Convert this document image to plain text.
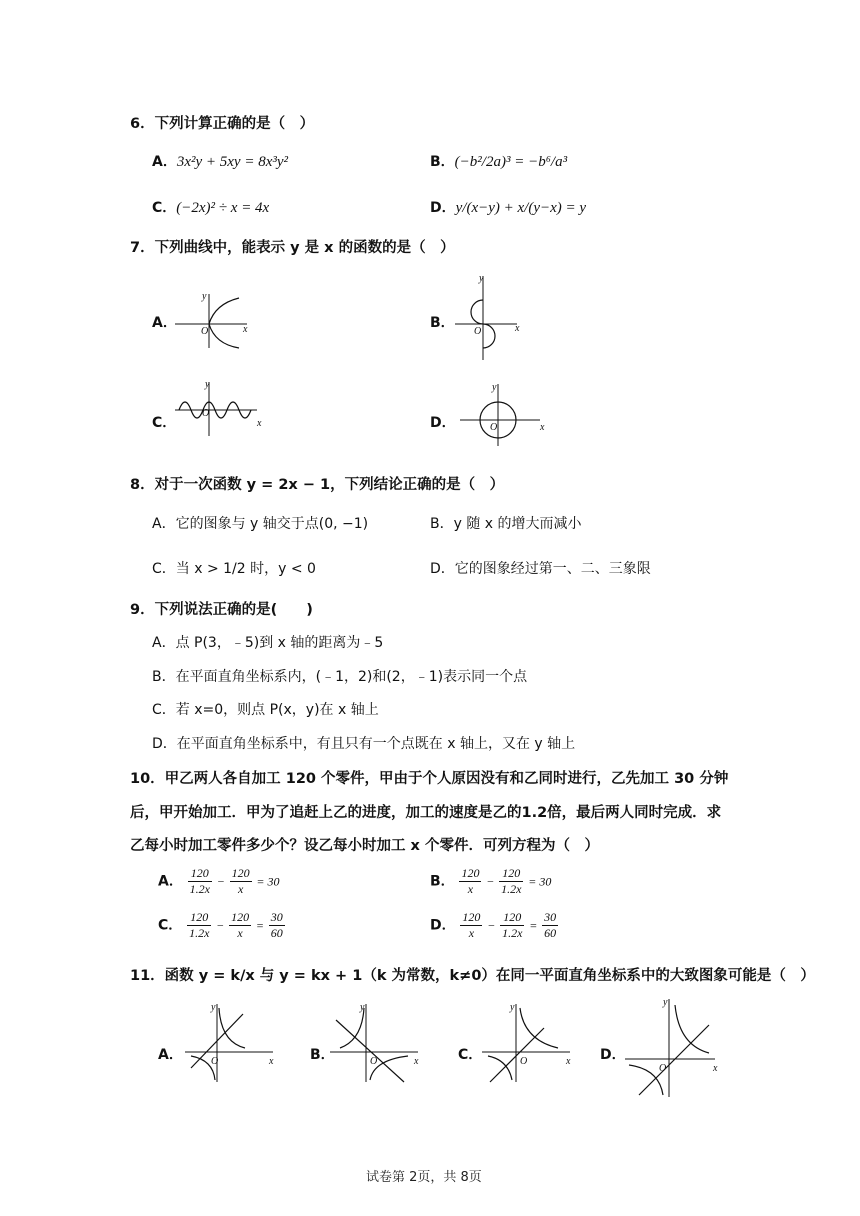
6．下列计算正确的是（　）
A．3x²y + 5xy = 8x³y²	B．(−b²/2a)³ = −b⁶/a³
C．(−2x)² ÷ x = 4x	D．y/(x−y) + x/(y−x) = y
7．下列曲线中，能表示 y 是 x 的函数的是（　）
A．	B．
C．	D．
y
x
O
y
x
O
y
x
O
y
x
O
8．对于一次函数 y = 2x − 1，下列结论正确的是（　）
A．它的图象与 y 轴交于点(0, −1)	B．y 随 x 的增大而减小
C．当 x > 1/2 时，y < 0	D．它的图象经过第一、二、三象限
9．下列说法正确的是(　　)
A．点 P(3，﹣5)到 x 轴的距离为﹣5
B．在平面直角坐标系内，(﹣1，2)和(2，﹣1)表示同一个点
C．若 x=0，则点 P(x，y)在 x 轴上
D．在平面直角坐标系中，有且只有一个点既在 x 轴上，又在 y 轴上
10．甲乙两人各自加工 120 个零件，甲由于个人原因没有和乙同时进行，乙先加工 30 分钟
后，甲开始加工．甲为了追赶上乙的进度，加工的速度是乙的1.2倍，最后两人同时完成．求
乙每小时加工零件多少个？设乙每小时加工 x 个零件．可列方程为（　）
A． $\frac{120}{1.2x} - \frac{120}{x} = 30$	B． $\frac{120}{x} - \frac{120}{1.2x} = 30$
C． $\frac{120}{1.2x} - \frac{120}{x} = \frac{30}{60}$	D． $\frac{120}{x} - \frac{120}{1.2x} = \frac{30}{60}$
11．函数 y = k/x 与 y = kx + 1（k 为常数，k≠0）在同一平面直角坐标系中的大致图象可能是（　）
A．	B．	C．	D．
y
x
O
y
x
O
y
x
O
y
x
O
试卷第 2页，共 8页
